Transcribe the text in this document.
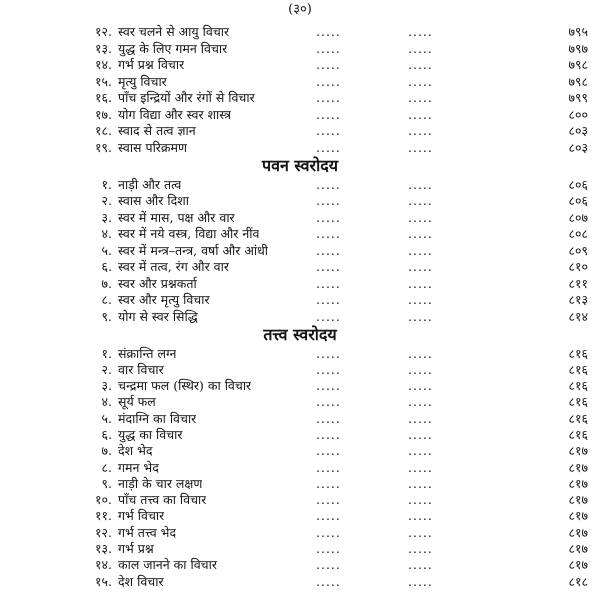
(३०)
१२. स्वर चलने से आयु विचार	.....	.....	७९५
१३. युद्ध के लिए गमन विचार	.....	.....	७९७
१४. गर्भ प्रश्न विचार	.....	.....	७९८
१५. मृत्यु विचार	.....	.....	७९८
१६. पाँच इन्द्रियों और रंगों से विचार	.....	.....	७९९
१७. योग विद्या और स्वर शास्त्र	.....	.....	८००
१८. स्वाद से तत्व ज्ञान	.....	.....	८०३
१९. स्वास परिक्रमण	.....	.....	८०३
पवन स्वरोदय
१. नाड़ी और तत्व	.....	.....	८०६
२. स्वास और दिशा	.....	.....	८०६
३. स्वर में मास, पक्ष और वार	.....	.....	८०७
४. स्वर में नये वस्त्र, विद्या और नींव	.....	.....	८०८
५. स्वर में मन्त्र–तन्त्र, वर्षा और आंधी	.....	.....	८०९
६. स्वर में तत्व, रंग और वार	.....	.....	८१०
७. स्वर और प्रश्नकर्ता	.....	.....	८११
८. स्वर और मृत्यु विचार	.....	.....	८१३
९. योग से स्वर सिद्धि	.....	.....	८१४
तत्त्व स्वरोदय
१. संक्रान्ति लग्न	.....	.....	८१६
२. वार विचार	.....	.....	८१६
३. चन्द्रमा फल (स्थिर) का विचार	.....	.....	८१६
४. सूर्य फल	.....	.....	८१६
५. मंदाग्नि का विचार	.....	.....	८१६
६. युद्ध का विचार	.....	.....	८१६
७. देश भेद	.....	.....	८१७
८. गमन भेद	.....	.....	८१७
९. नाड़ी के चार लक्षण	.....	.....	८१७
१०. पाँच तत्त्व का विचार	.....	.....	८१७
११. गर्भ विचार	.....	.....	८१७
१२. गर्भ तत्त्व भेद	.....	.....	८१७
१३. गर्भ प्रश्न	.....	.....	८१७
१४. काल जानने का विचार	.....	.....	८१७
१५. देश विचार	.....	.....	८१८
